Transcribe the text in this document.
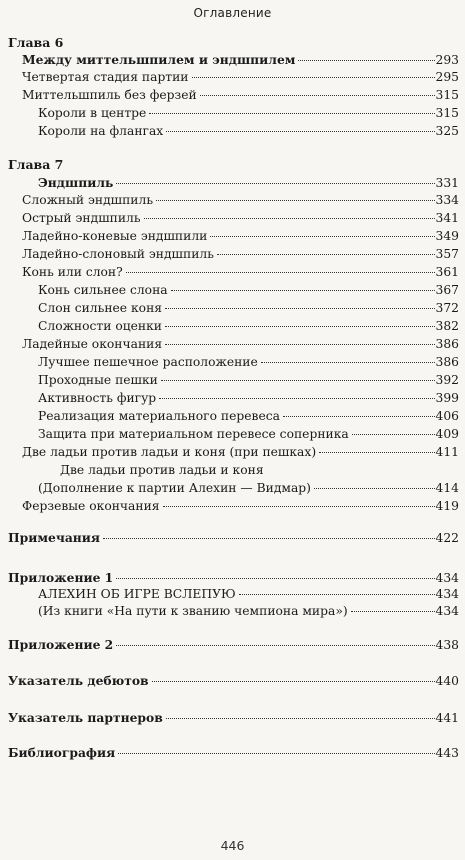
Оглавление
Глава 6
Между миттельшпилем и эндшпилем	293
Четвертая стадия партии	295
Миттельшпиль без ферзей	315
Короли в центре	315
Короли на флангах	325
Глава 7
Эндшпиль	331
Сложный эндшпиль	334
Острый эндшпиль	341
Ладейно-коневые эндшпили	349
Ладейно-слоновый эндшпиль	357
Конь или слон?	361
Конь сильнее слона	367
Слон сильнее коня	372
Сложности оценки	382
Ладейные окончания	386
Лучшее пешечное расположение	386
Проходные пешки	392
Активность фигур	399
Реализация материального перевеса	406
Защита при материальном перевесе соперника	409
Две ладьи против ладьи и коня (при пешках)	411
Две ладьи против ладьи и коня
(Дополнение к партии Алехин — Видмар)	414
Ферзевые окончания	419
Примечания	422
Приложение 1	434
АЛЕХИН ОБ ИГРЕ ВСЛЕПУЮ	434
(Из книги «На пути к званию чемпиона мира»)	434
Приложение 2	438
Указатель дебютов	440
Указатель партнеров	441
Библиография	443
446
